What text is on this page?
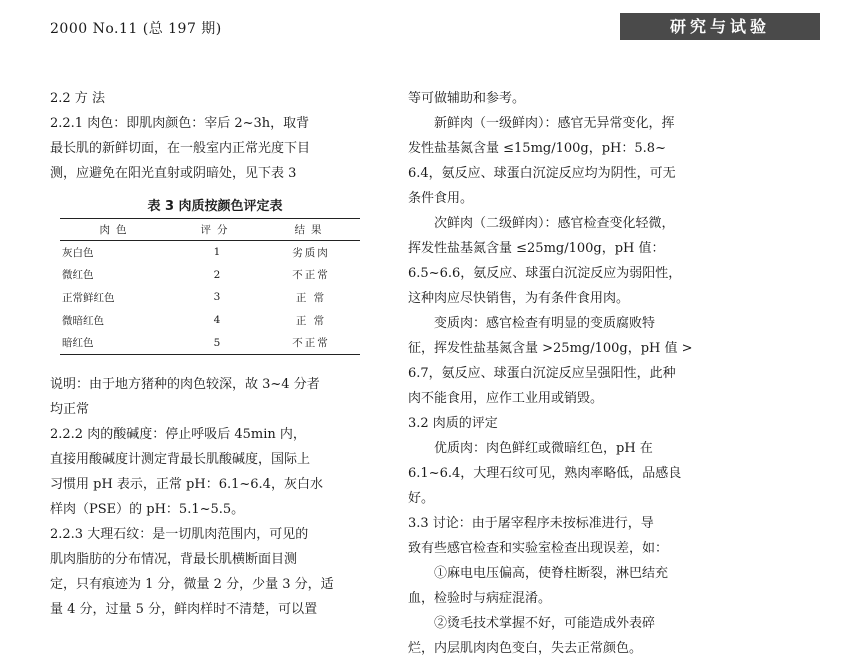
2000 No.11 (总 197 期)	研究与试验

2.2 方 法

2.2.1 肉色：即肌肉颜色：宰后 2~3h，取背

最长肌的新鲜切面，在一般室内正常光度下目

测，应避免在阳光直射或阴暗处，见下表 3

表 3 肉质按颜色评定表

肉色	评分	结果
灰白色	1	劣质肉
微红色	2	不正常
正常鲜红色	3	正 常
微暗红色	4	正 常
暗红色	5	不正常

说明：由于地方猪种的肉色较深，故 3~4 分者

均正常

2.2.2 肉的酸碱度：停止呼吸后 45min 内，

直接用酸碱度计测定背最长肌酸碱度，国际上

习惯用 pH 表示，正常 pH：6.1~6.4，灰白水

样肉（PSE）的 pH：5.1~5.5。

2.2.3 大理石纹：是一切肌肉范围内，可见的

肌肉脂肪的分布情况，背最长肌横断面目测

定，只有痕迹为 1 分，微量 2 分，少量 3 分，适

量 4 分，过量 5 分，鲜肉样时不清楚，可以置

等可做辅助和参考。

新鲜肉（一级鲜肉）：感官无异常变化，挥

发性盐基氮含量 ≤15mg/100g，pH：5.8~

6.4，氨反应、球蛋白沉淀反应均为阴性，可无

条件食用。

次鲜肉（二级鲜肉）：感官检查变化轻微，

挥发性盐基氮含量 ≤25mg/100g，pH 值：

6.5~6.6，氨反应、球蛋白沉淀反应为弱阳性，

这种肉应尽快销售，为有条件食用肉。

变质肉：感官检查有明显的变质腐败特

征，挥发性盐基氮含量 >25mg/100g，pH 值 >

6.7，氨反应、球蛋白沉淀反应呈强阳性，此种

肉不能食用，应作工业用或销毁。

3.2 肉质的评定

优质肉：肉色鲜红或微暗红色，pH 在

6.1~6.4，大理石纹可见，熟肉率略低，品感良

好。

3.3 讨论：由于屠宰程序未按标准进行，导

致有些感官检查和实验室检查出现误差，如：

①麻电电压偏高，使脊柱断裂，淋巴结充

血，检验时与病症混淆。

②烫毛技术掌握不好，可能造成外表碎

烂，内层肌肉肉色变白，失去正常颜色。
